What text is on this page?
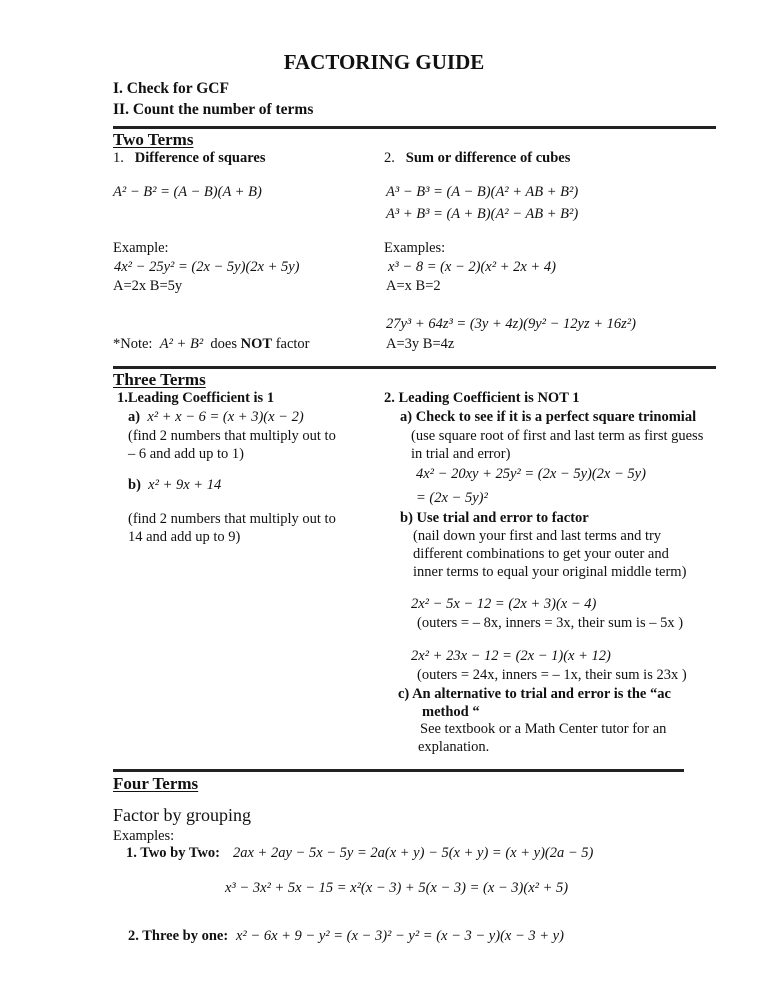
FACTORING GUIDE
I. Check for GCF
II. Count the number of terms
Two Terms
1. Difference of squares
A² − B² = (A − B)(A + B)
Example:
4x² − 25y² = (2x − 5y)(2x + 5y)
A=2x B=5y
*Note: A² + B² does NOT factor
2. Sum or difference of cubes
A³ − B³ = (A − B)(A² + AB + B²)
A³ + B³ = (A + B)(A² − AB + B²)
Examples:
x³ − 8 = (x − 2)(x² + 2x + 4)
A=x B=2
27y³ + 64z³ = (3y + 4z)(9y² − 12yz + 16z²)
A=3y B=4z
Three Terms
1.Leading Coefficient is 1
a) x² + x − 6 = (x + 3)(x − 2)
(find 2 numbers that multiply out to
– 6 and add up to 1)
b) x² + 9x + 14
(find 2 numbers that multiply out to
14 and add up to 9)
2. Leading Coefficient is NOT 1
a) Check to see if it is a perfect square trinomial
(use square root of first and last term as first guess
in trial and error)
4x² − 20xy + 25y² = (2x − 5y)(2x − 5y)
= (2x − 5y)²
b) Use trial and error to factor
(nail down your first and last terms and try
different combinations to get your outer and
inner terms to equal your original middle term)
2x² − 5x − 12 = (2x + 3)(x − 4)
(outers = – 8x, inners = 3x, their sum is – 5x )
2x² + 23x − 12 = (2x − 1)(x + 12)
(outers = 24x, inners = – 1x, their sum is 23x )
c) An alternative to trial and error is the “ac
method “
See textbook or a Math Center tutor for an
explanation.
Four Terms
Factor by grouping
Examples:
1. Two by Two: 2ax + 2ay − 5x − 5y = 2a(x + y) − 5(x + y) = (x + y)(2a − 5)
x³ − 3x² + 5x − 15 = x²(x − 3) + 5(x − 3) = (x − 3)(x² + 5)
2. Three by one: x² − 6x + 9 − y² = (x − 3)² − y² = (x − 3 − y)(x − 3 + y)
